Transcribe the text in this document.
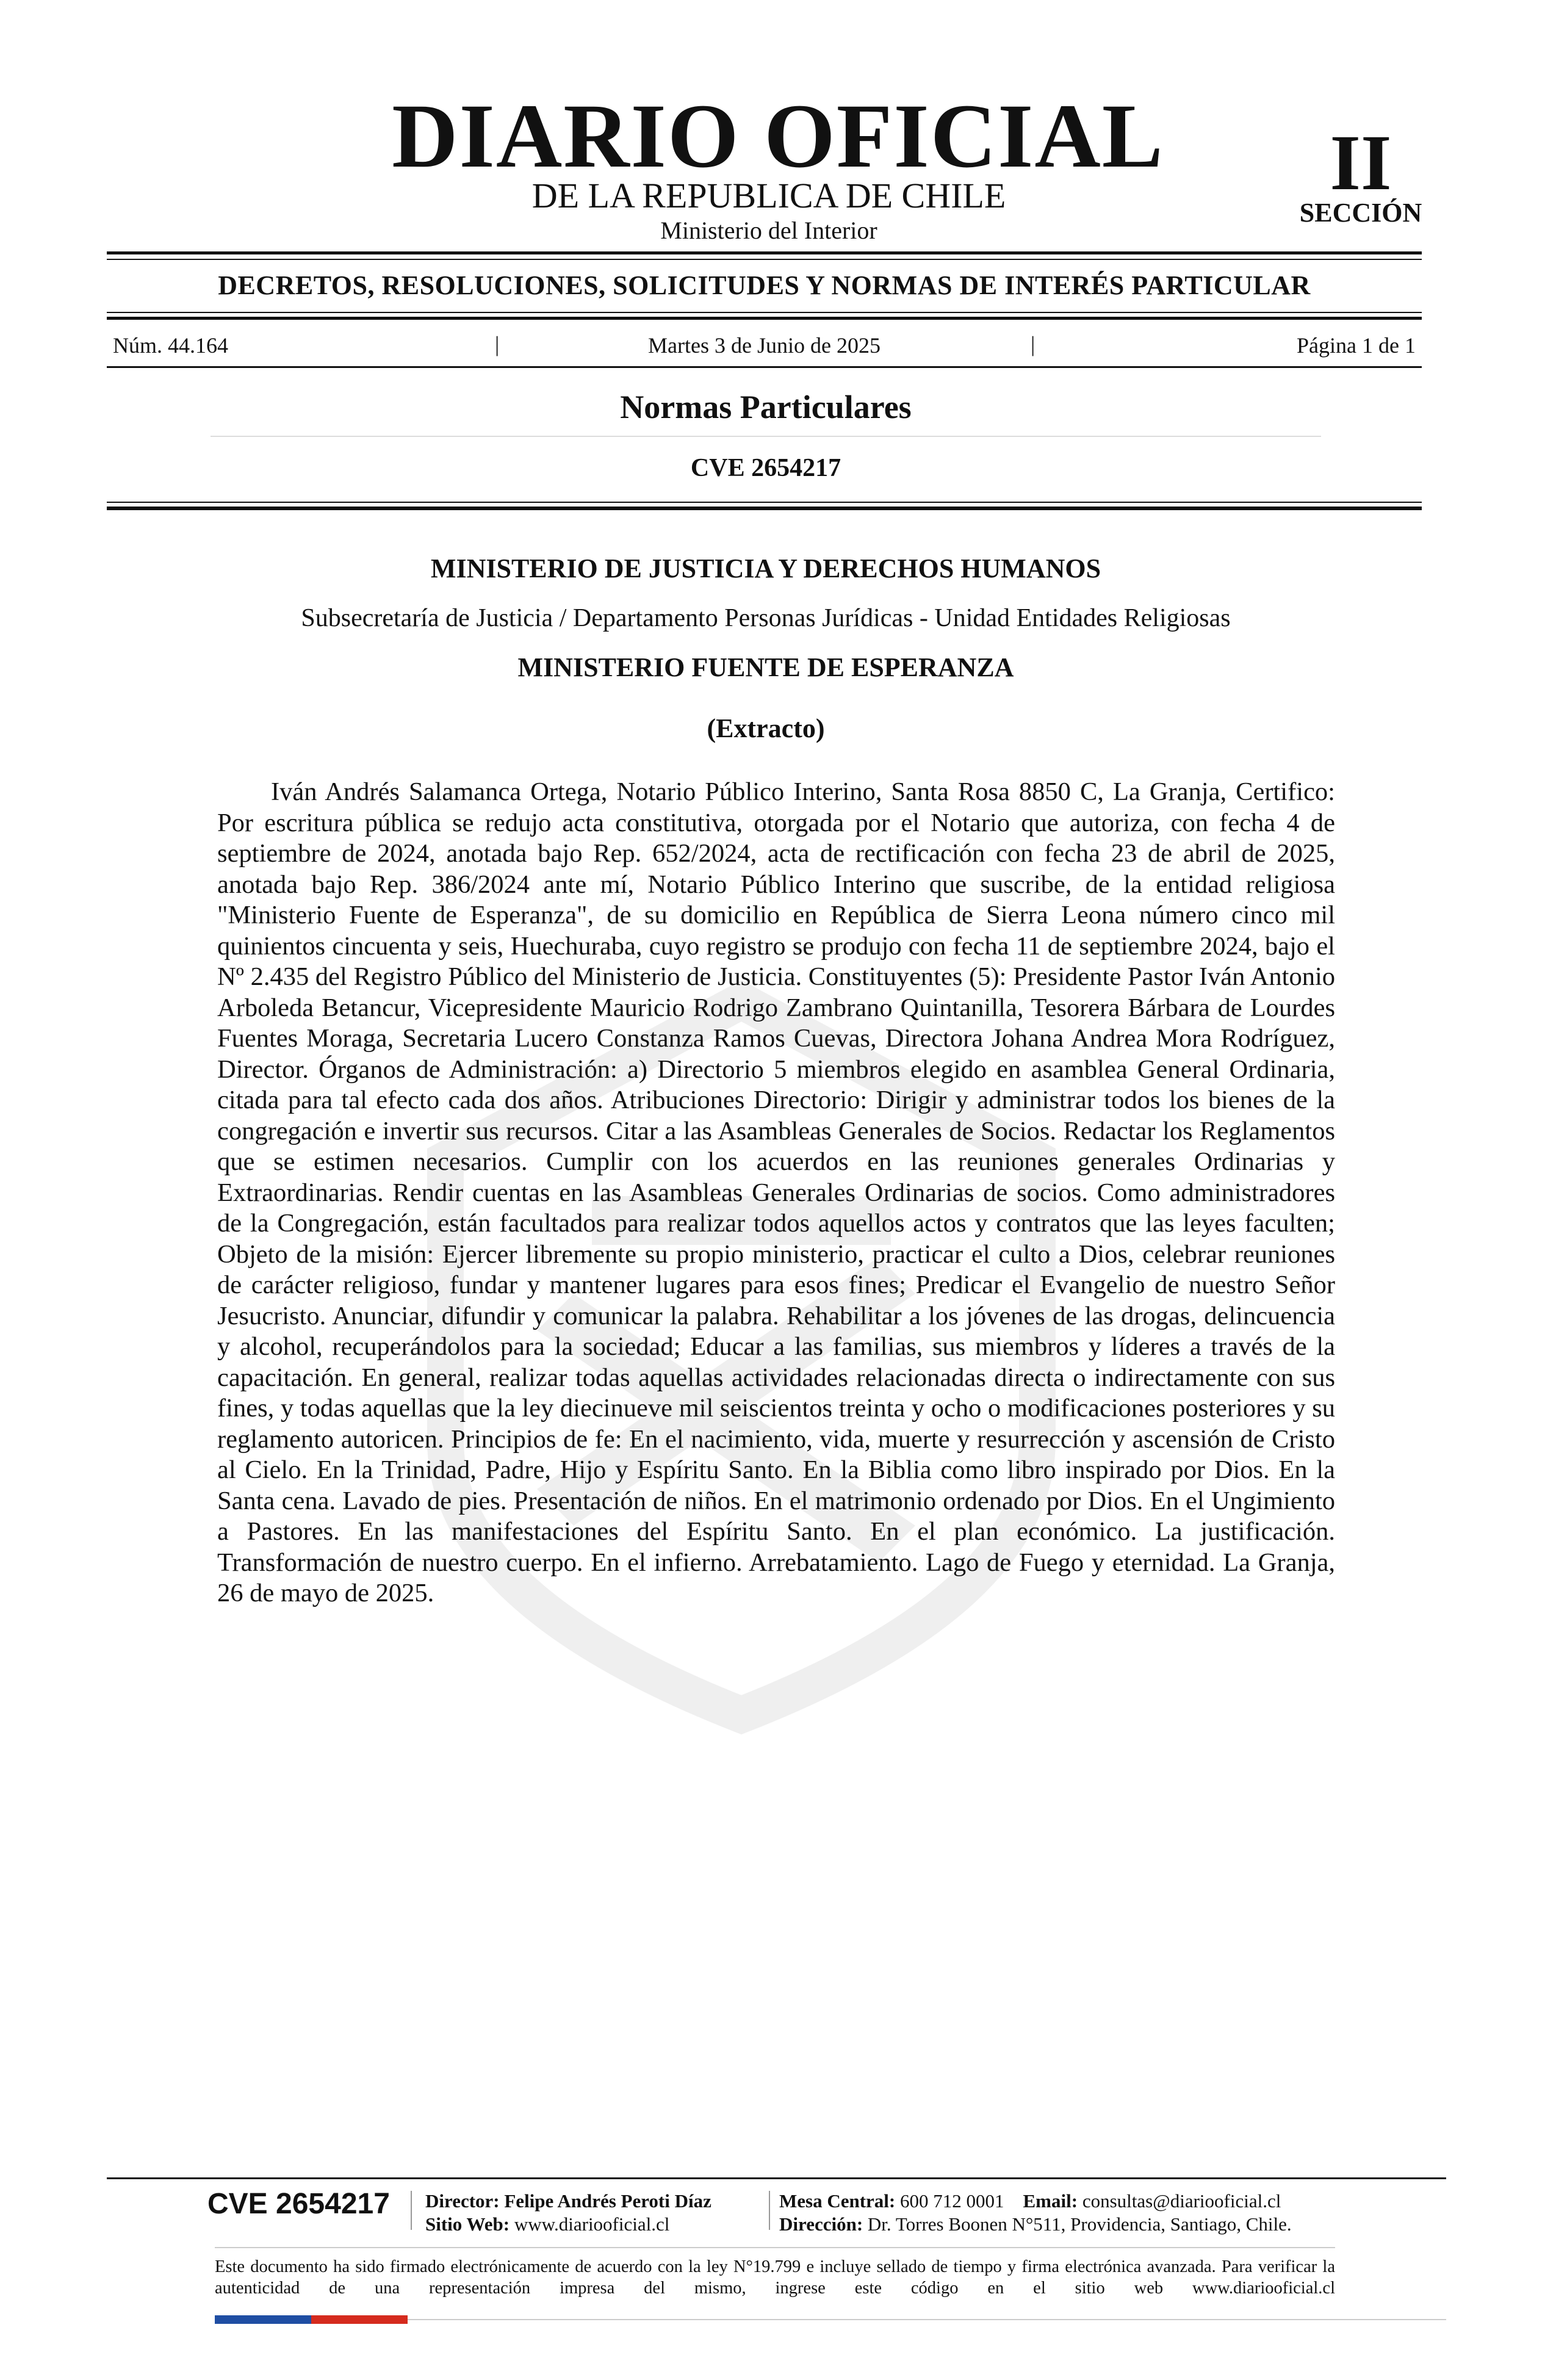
DIARIO OFICIAL
DE LA REPUBLICA DE CHILE
Ministerio del Interior
II
SECCIÓN
DECRETOS, RESOLUCIONES, SOLICITUDES Y NORMAS DE INTERÉS PARTICULAR
Núm. 44.164	|	Martes 3 de Junio de 2025	|	Página 1 de 1
Normas Particulares
CVE 2654217
MINISTERIO DE JUSTICIA Y DERECHOS HUMANOS
Subsecretaría de Justicia / Departamento Personas Jurídicas - Unidad Entidades Religiosas
MINISTERIO FUENTE DE ESPERANZA
(Extracto)

Iván Andrés Salamanca Ortega, Notario Público Interino, Santa Rosa 8850 C, La Granja, Certifico: Por escritura pública se redujo acta constitutiva, otorgada por el Notario que autoriza, con fecha 4 de septiembre de 2024, anotada bajo Rep. 652/2024, acta de rectificación con fecha 23 de abril de 2025, anotada bajo Rep. 386/2024 ante mí, Notario Público Interino que suscribe, de la entidad religiosa "Ministerio Fuente de Esperanza", de su domicilio en República de Sierra Leona número cinco mil quinientos cincuenta y seis, Huechuraba, cuyo registro se produjo con fecha 11 de septiembre 2024, bajo el Nº 2.435 del Registro Público del Ministerio de Justicia. Constituyentes (5): Presidente Pastor Iván Antonio Arboleda Betancur, Vicepresidente Mauricio Rodrigo Zambrano Quintanilla, Tesorera Bárbara de Lourdes Fuentes Moraga, Secretaria Lucero Constanza Ramos Cuevas, Directora Johana Andrea Mora Rodríguez, Director. Órganos de Administración: a) Directorio 5 miembros elegido en asamblea General Ordinaria, citada para tal efecto cada dos años. Atribuciones Directorio: Dirigir y administrar todos los bienes de la congregación e invertir sus recursos. Citar a las Asambleas Generales de Socios. Redactar los Reglamentos que se estimen necesarios. Cumplir con los acuerdos en las reuniones generales Ordinarias y Extraordinarias. Rendir cuentas en las Asambleas Generales Ordinarias de socios. Como administradores de la Congregación, están facultados para realizar todos aquellos actos y contratos que las leyes faculten; Objeto de la misión: Ejercer libremente su propio ministerio, practicar el culto a Dios, celebrar reuniones de carácter religioso, fundar y mantener lugares para esos fines; Predicar el Evangelio de nuestro Señor Jesucristo. Anunciar, difundir y comunicar la palabra. Rehabilitar a los jóvenes de las drogas, delincuencia y alcohol, recuperándolos para la sociedad; Educar a las familias, sus miembros y líderes a través de la capacitación. En general, realizar todas aquellas actividades relacionadas directa o indirectamente con sus fines, y todas aquellas que la ley diecinueve mil seiscientos treinta y ocho o modificaciones posteriores y su reglamento autoricen. Principios de fe: En el nacimiento, vida, muerte y resurrección y ascensión de Cristo al Cielo. En la Trinidad, Padre, Hijo y Espíritu Santo. En la Biblia como libro inspirado por Dios. En la Santa cena. Lavado de pies. Presentación de niños. En el matrimonio ordenado por Dios. En el Ungimiento a Pastores. En las manifestaciones del Espíritu Santo. En el plan económico. La justificación. Transformación de nuestro cuerpo. En el infierno. Arrebatamiento. Lago de Fuego y eternidad. La Granja, 26 de mayo de 2025.

CVE 2654217 Director: Felipe Andrés Peroti Díaz
Sitio Web: www.diariooficial.cl
Mesa Central: 600 712 0001 Email: consultas@diariooficial.cl
Dirección: Dr. Torres Boonen N°511, Providencia, Santiago, Chile.
Este documento ha sido firmado electrónicamente de acuerdo con la ley N°19.799 e incluye sellado de tiempo y firma electrónica avanzada. Para verificar la autenticidad de una representación impresa del mismo, ingrese este código en el sitio web www.diariooficial.cl
